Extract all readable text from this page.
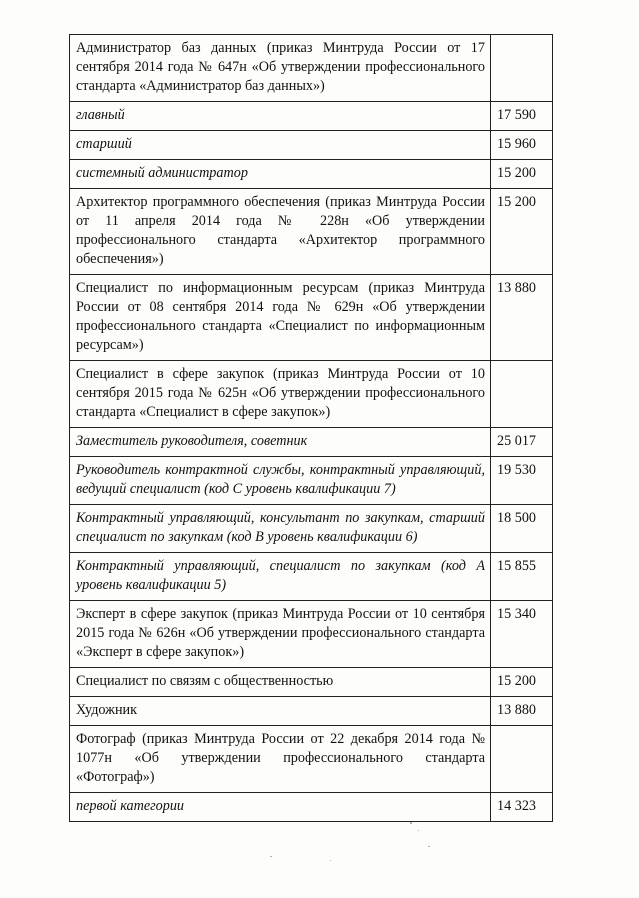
Администратор баз данных (приказ Минтруда России от 17 сентября 2014 года № 647н «Об утверждении профессионального стандарта «Администратор баз данных»)	
главный	17 590
старший	15 960
системный администратор	15 200
Архитектор программного обеспечения (приказ Минтруда России от 11 апреля 2014 года № 228н «Об утверждении профессионального стандарта «Архитектор программного обеспечения»)	15 200
Специалист по информационным ресурсам (приказ Минтруда России от 08 сентября 2014 года № 629н «Об утверждении профессионального стандарта «Специалист по информационным ресурсам»)	13 880
Специалист в сфере закупок (приказ Минтруда России от 10 сентября 2015 года № 625н «Об утверждении профессионального стандарта «Специалист в сфере закупок»)	
Заместитель руководителя, советник	25 017
Руководитель контрактной службы, контрактный управляющий, ведущий специалист (код С уровень квалификации 7)	19 530
Контрактный управляющий, консультант по закупкам, старший специалист по закупкам (код В уровень квалификации 6)	18 500
Контрактный управляющий, специалист по закупкам (код А уровень квалификации 5)	15 855
Эксперт в сфере закупок (приказ Минтруда России от 10 сентября 2015 года № 626н «Об утверждении профессионального стандарта «Эксперт в сфере закупок»)	15 340
Специалист по связям с общественностью	15 200
Художник	13 880
Фотограф (приказ Минтруда России от 22 декабря 2014 года № 1077н «Об утверждении профессионального стандарта «Фотограф»)	
первой категории	14 323
